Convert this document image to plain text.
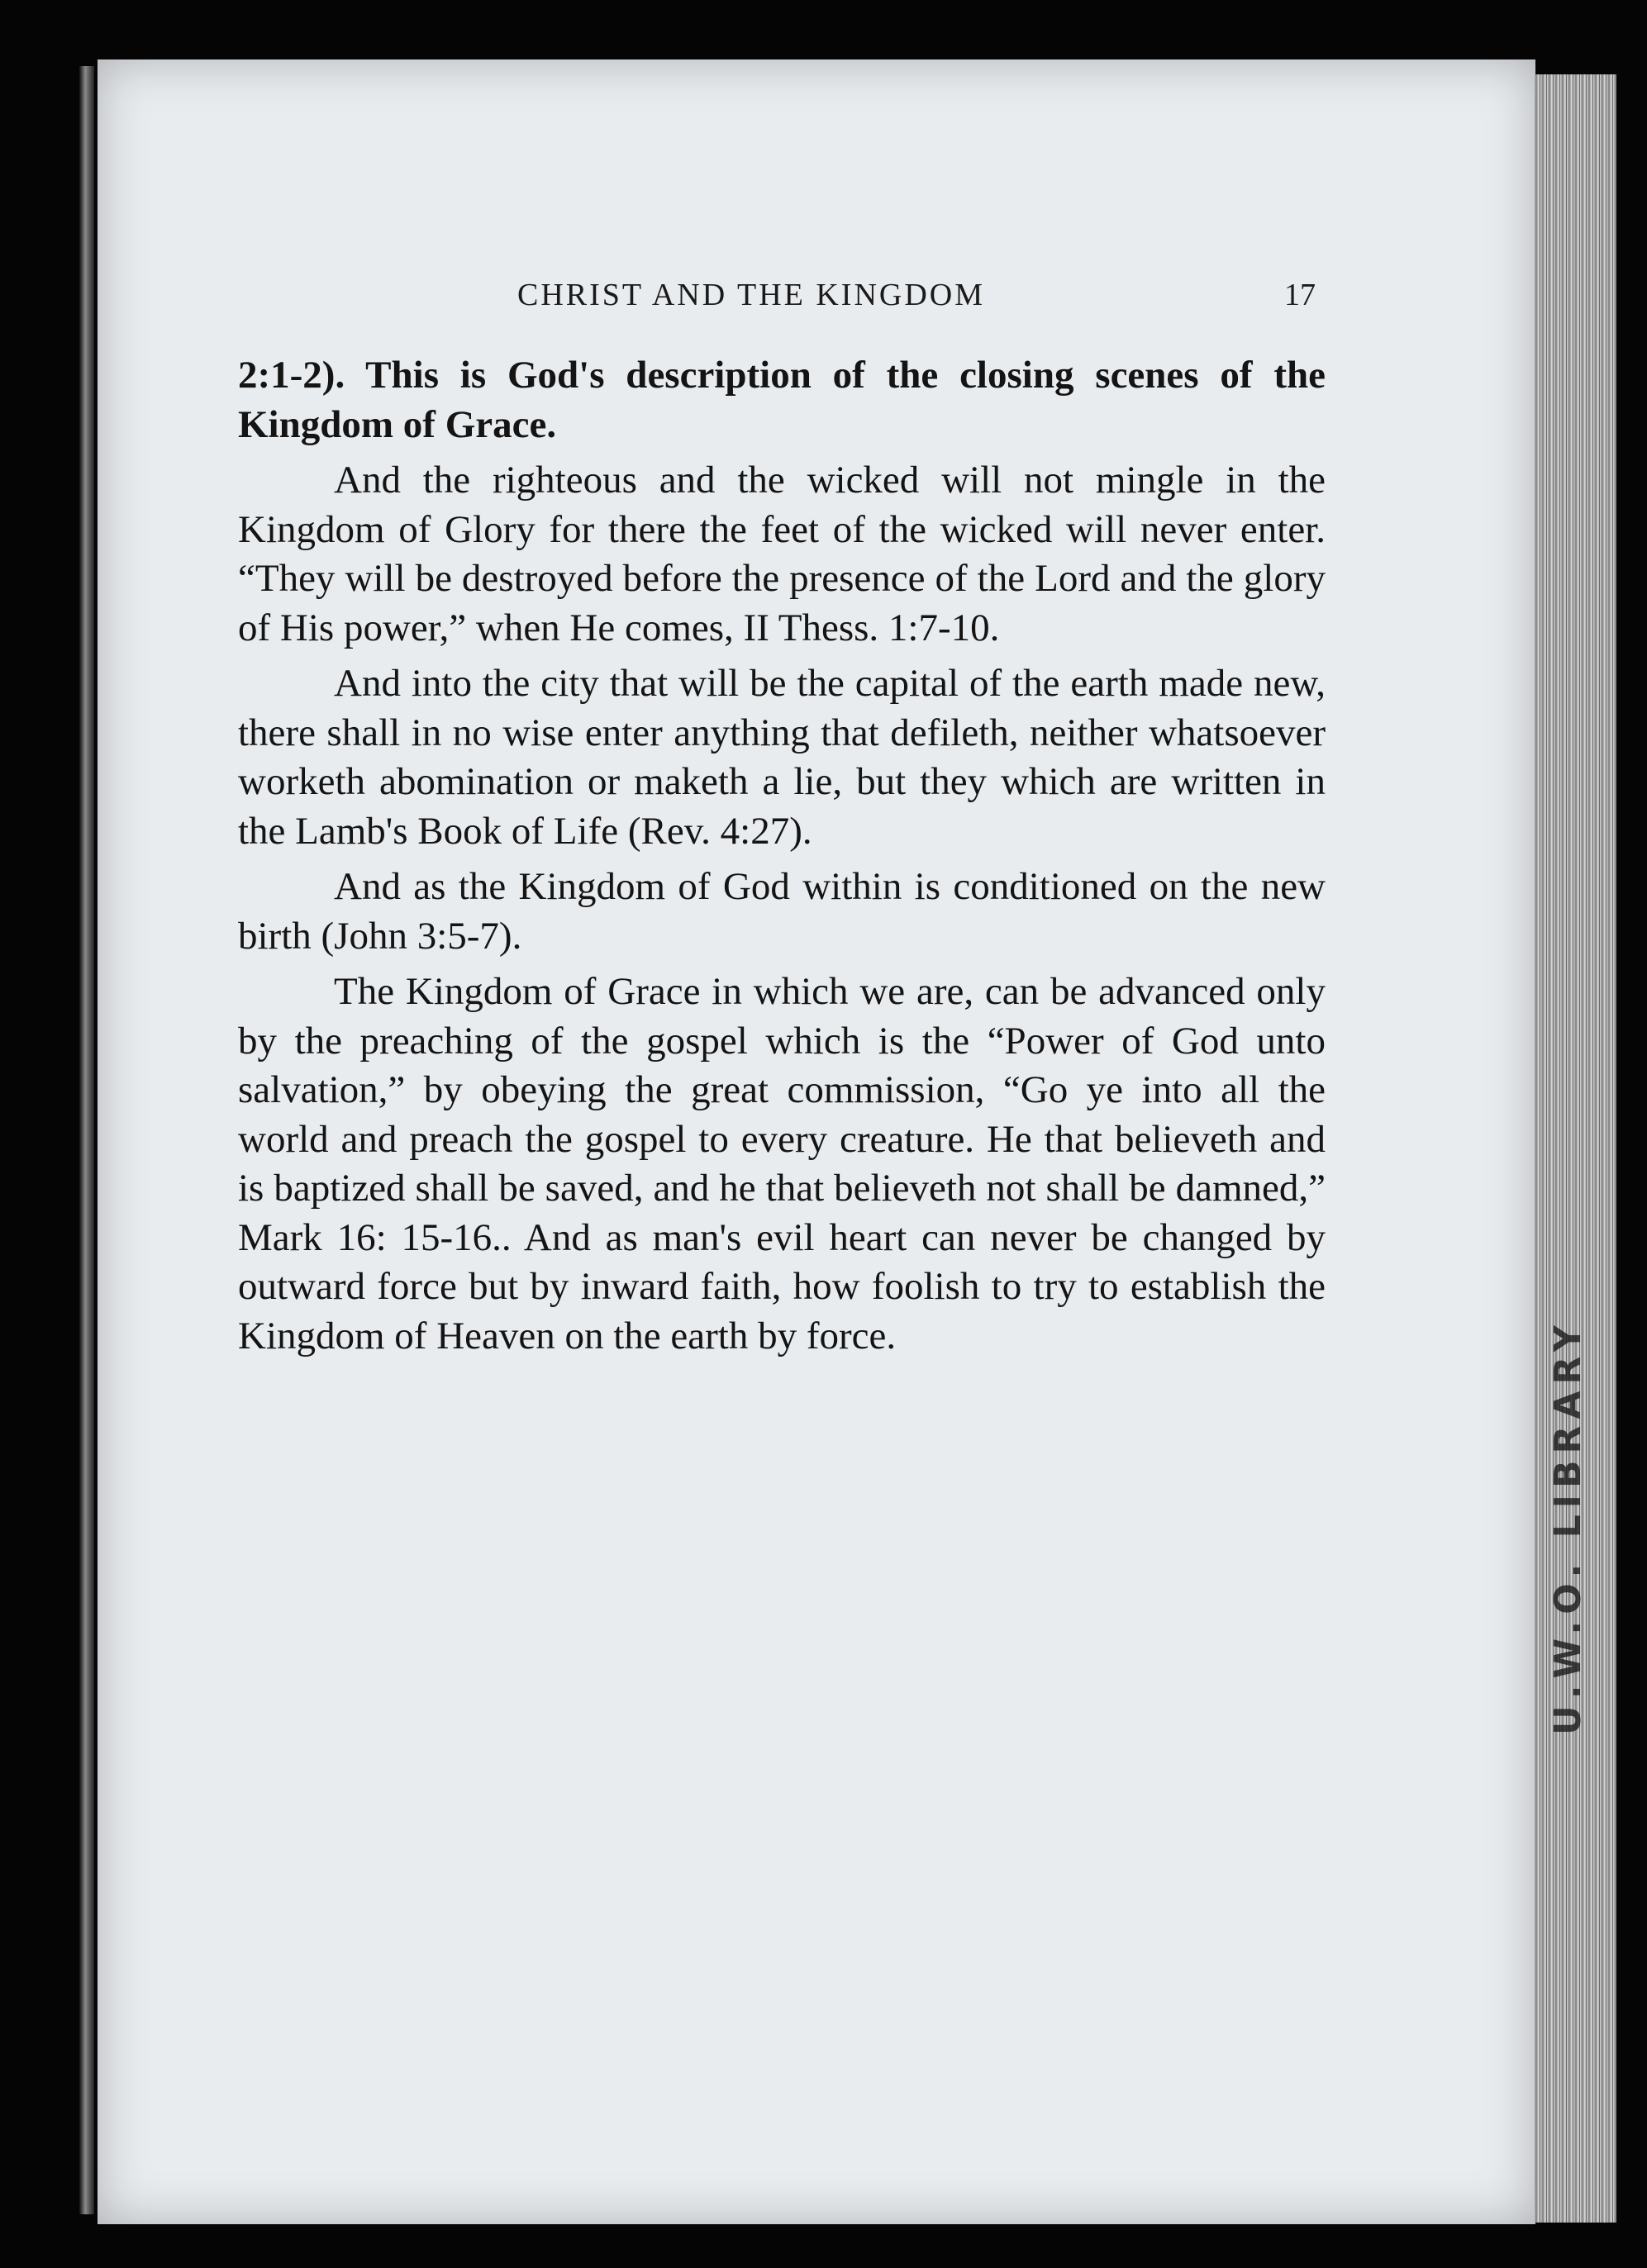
U.W.O. LIBRARY
CHRIST AND THE KINGDOM	17

2:1-2). This is God's description of the closing scenes of the Kingdom of Grace.

And the righteous and the wicked will not mingle in the Kingdom of Glory for there the feet of the wicked will never enter. “They will be destroyed before the presence of the Lord and the glory of His power,” when He comes, II Thess. 1:7-10.

And into the city that will be the capital of the earth made new, there shall in no wise enter anything that defileth, neither whatsoever worketh abomination or maketh a lie, but they which are written in the Lamb's Book of Life (Rev. 4:27).

And as the Kingdom of God within is conditioned on the new birth (John 3:5-7).

The Kingdom of Grace in which we are, can be advanced only by the preaching of the gospel which is the “Power of God unto salvation,” by obeying the great commission, “Go ye into all the world and preach the gospel to every creature. He that believeth and is baptized shall be saved, and he that believeth not shall be damned,” Mark 16: 15-16.. And as man's evil heart can never be changed by outward force but by inward faith, how foolish to try to establish the Kingdom of Heaven on the earth by force.
